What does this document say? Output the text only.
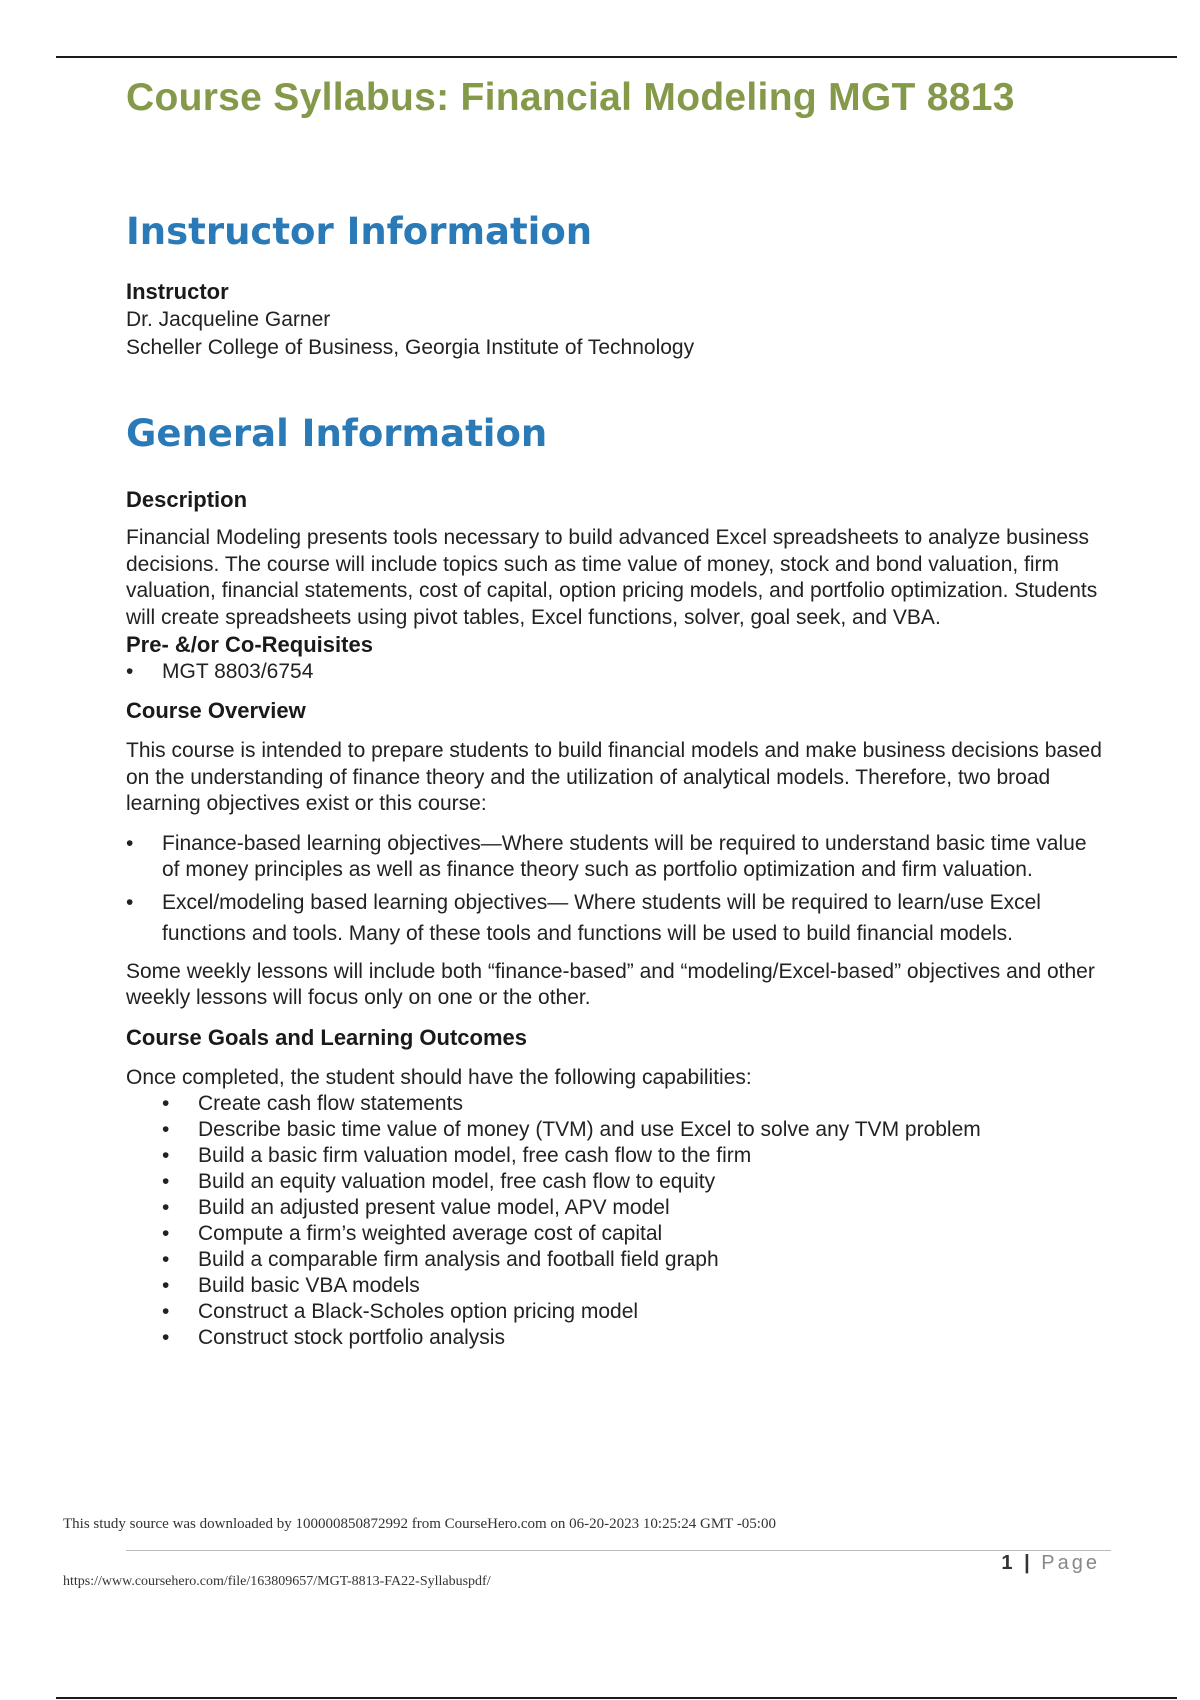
Course Syllabus: Financial Modeling MGT 8813
Instructor Information
Instructor
Dr. Jacqueline Garner
Scheller College of Business, Georgia Institute of Technology
General Information
Description

Financial Modeling presents tools necessary to build advanced Excel spreadsheets to analyze business decisions. The course will include topics such as time value of money, stock and bond valuation, firm valuation, financial statements, cost of capital, option pricing models, and portfolio optimization. Students will create spreadsheets using pivot tables, Excel functions, solver, goal seek, and VBA.

Pre- &/or Co-Requisites
• MGT 8803/6754
Course Overview

This course is intended to prepare students to build financial models and make business decisions based on the understanding of finance theory and the utilization of analytical models. Therefore, two broad learning objectives exist or this course:

• Finance-based learning objectives—Where students will be required to understand basic time value of money principles as well as finance theory such as portfolio optimization and firm valuation.
• Excel/modeling based learning objectives— Where students will be required to learn/use Excel functions and tools. Many of these tools and functions will be used to build financial models.

Some weekly lessons will include both “finance-based” and “modeling/Excel-based” objectives and other weekly lessons will focus only on one or the other.

Course Goals and Learning Outcomes

Once completed, the student should have the following capabilities:

• Create cash flow statements
• Describe basic time value of money (TVM) and use Excel to solve any TVM problem
• Build a basic firm valuation model, free cash flow to the firm
• Build an equity valuation model, free cash flow to equity
• Build an adjusted present value model, APV model
• Compute a firm’s weighted average cost of capital
• Build a comparable firm analysis and football field graph
• Build basic VBA models
• Construct a Black-Scholes option pricing model
• Construct stock portfolio analysis
This study source was downloaded by 100000850872992 from CourseHero.com on 06-20-2023 10:25:24 GMT -05:00
1 | Page
https://www.coursehero.com/file/163809657/MGT-8813-FA22-Syllabuspdf/
